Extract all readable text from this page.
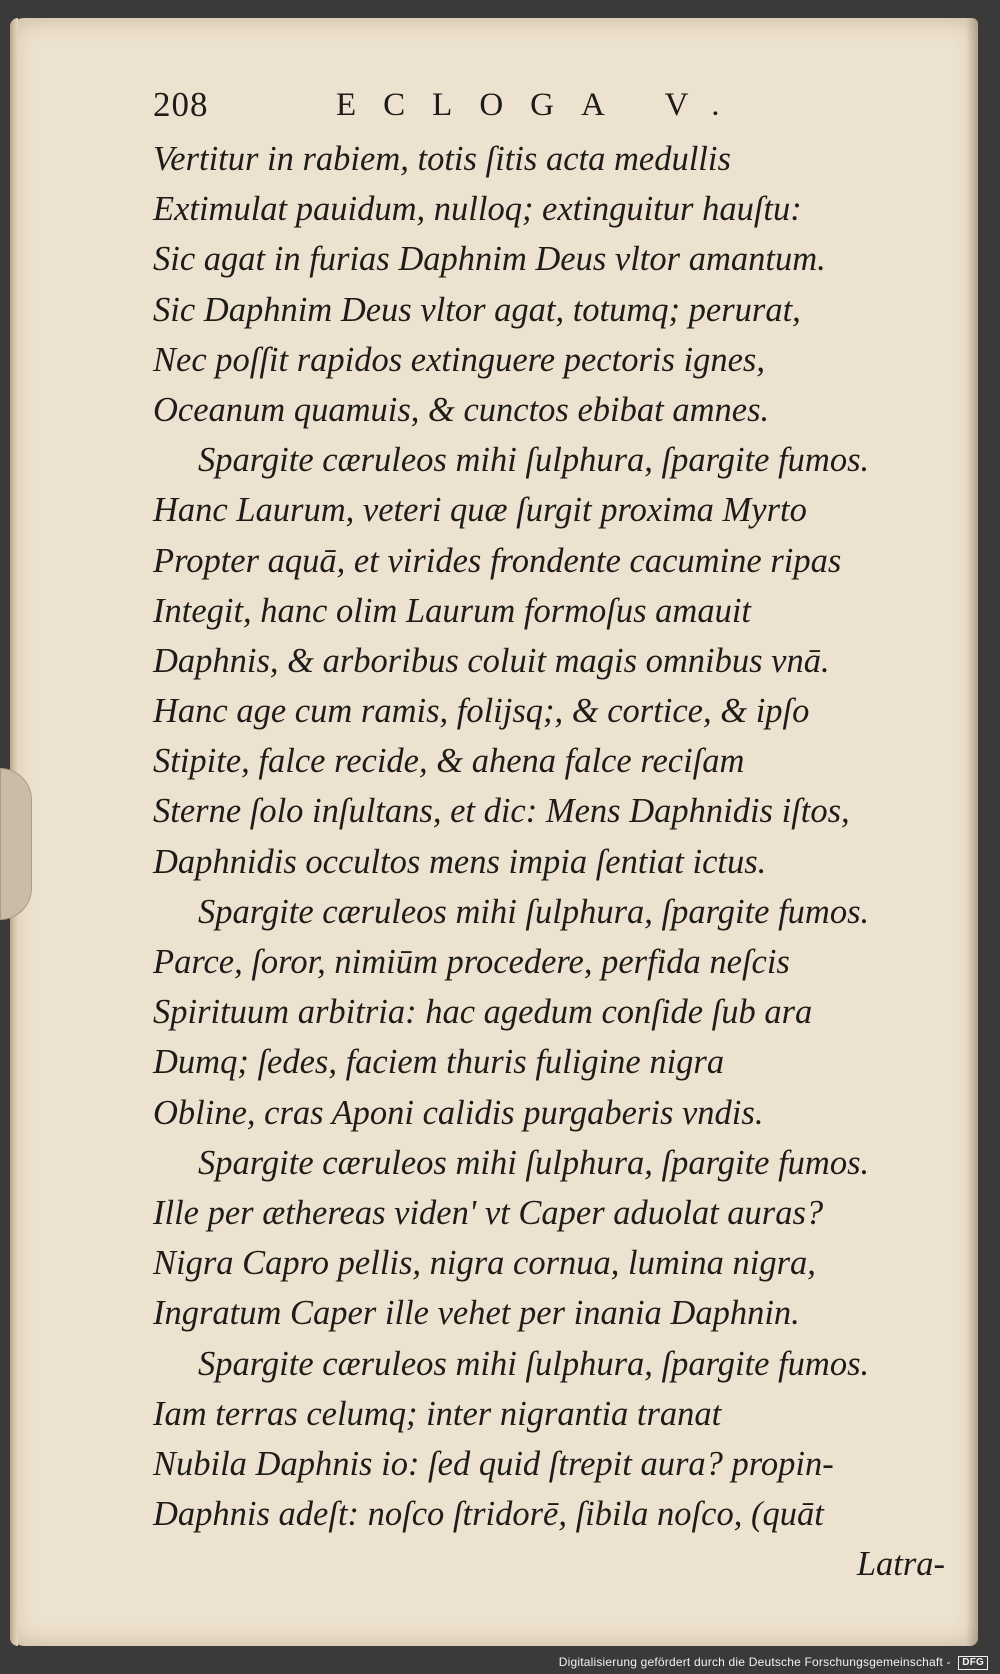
208	ECLOGA V.
Vertitur in rabiem, totis ſitis acta medullis
Extimulat pauidum, nulloq; extinguitur hauſtu:
Sic agat in furias Daphnim Deus vltor amantum.
Sic Daphnim Deus vltor agat, totumq; perurat,
Nec poſſit rapidos extinguere pectoris ignes,
Oceanum quamuis, & cunctos ebibat amnes.
Spargite cæruleos mihi ſulphura, ſpargite fumos.
Hanc Laurum, veteri quæ ſurgit proxima Myrto
Propter aquā, et virides frondente cacumine ripas
Integit, hanc olim Laurum formoſus amauit
Daphnis, & arboribus coluit magis omnibus vnā.
Hanc age cum ramis, folijsq;, & cortice, & ipſo
Stipite, falce recide, & ahena falce reciſam
Sterne ſolo inſultans, et dic: Mens Daphnidis iſtos,
Daphnidis occultos mens impia ſentiat ictus.
Spargite cæruleos mihi ſulphura, ſpargite fumos.
Parce, ſoror, nimiūm procedere, perfida neſcis
Spirituum arbitria: hac agedum conſide ſub ara
Dumq; ſedes, faciem thuris fuligine nigra
Obline, cras Aponi calidis purgaberis vndis.
Spargite cæruleos mihi ſulphura, ſpargite fumos.
Ille per æthereas viden' vt Caper aduolat auras?
Nigra Capro pellis, nigra cornua, lumina nigra,
Ingratum Caper ille vehet per inania Daphnin.
Spargite cæruleos mihi ſulphura, ſpargite fumos.
Iam terras celumq; inter nigrantia tranat
Nubila Daphnis io: ſed quid ſtrepit aura? propin-
Daphnis adeſt: noſco ſtridorē, ſibila noſco, (quāt
Latra-
Digitalisierung gefördert durch die Deutsche Forschungsgemeinschaft - DFG
